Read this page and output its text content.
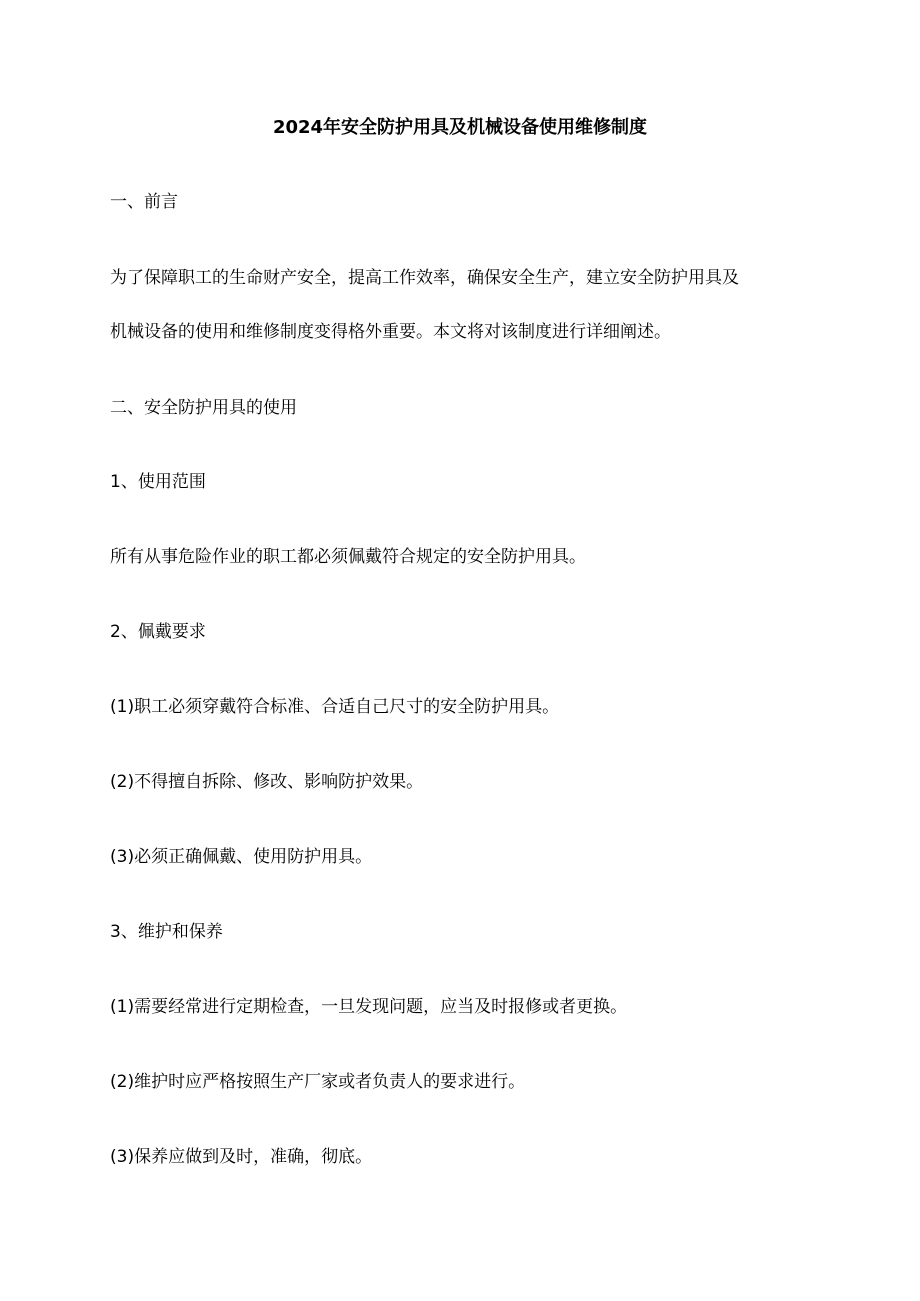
2024年安全防护用具及机械设备使用维修制度
一、前言
为了保障职工的生命财产安全，提高工作效率，确保安全生产，建立安全防护用具及
机械设备的使用和维修制度变得格外重要。本文将对该制度进行详细阐述。
二、安全防护用具的使用
1、使用范围
所有从事危险作业的职工都必须佩戴符合规定的安全防护用具。
2、佩戴要求
(1)职工必须穿戴符合标准、合适自己尺寸的安全防护用具。
(2)不得擅自拆除、修改、影响防护效果。
(3)必须正确佩戴、使用防护用具。
3、维护和保养
(1)需要经常进行定期检查，一旦发现问题，应当及时报修或者更换。
(2)维护时应严格按照生产厂家或者负责人的要求进行。
(3)保养应做到及时，准确，彻底。
